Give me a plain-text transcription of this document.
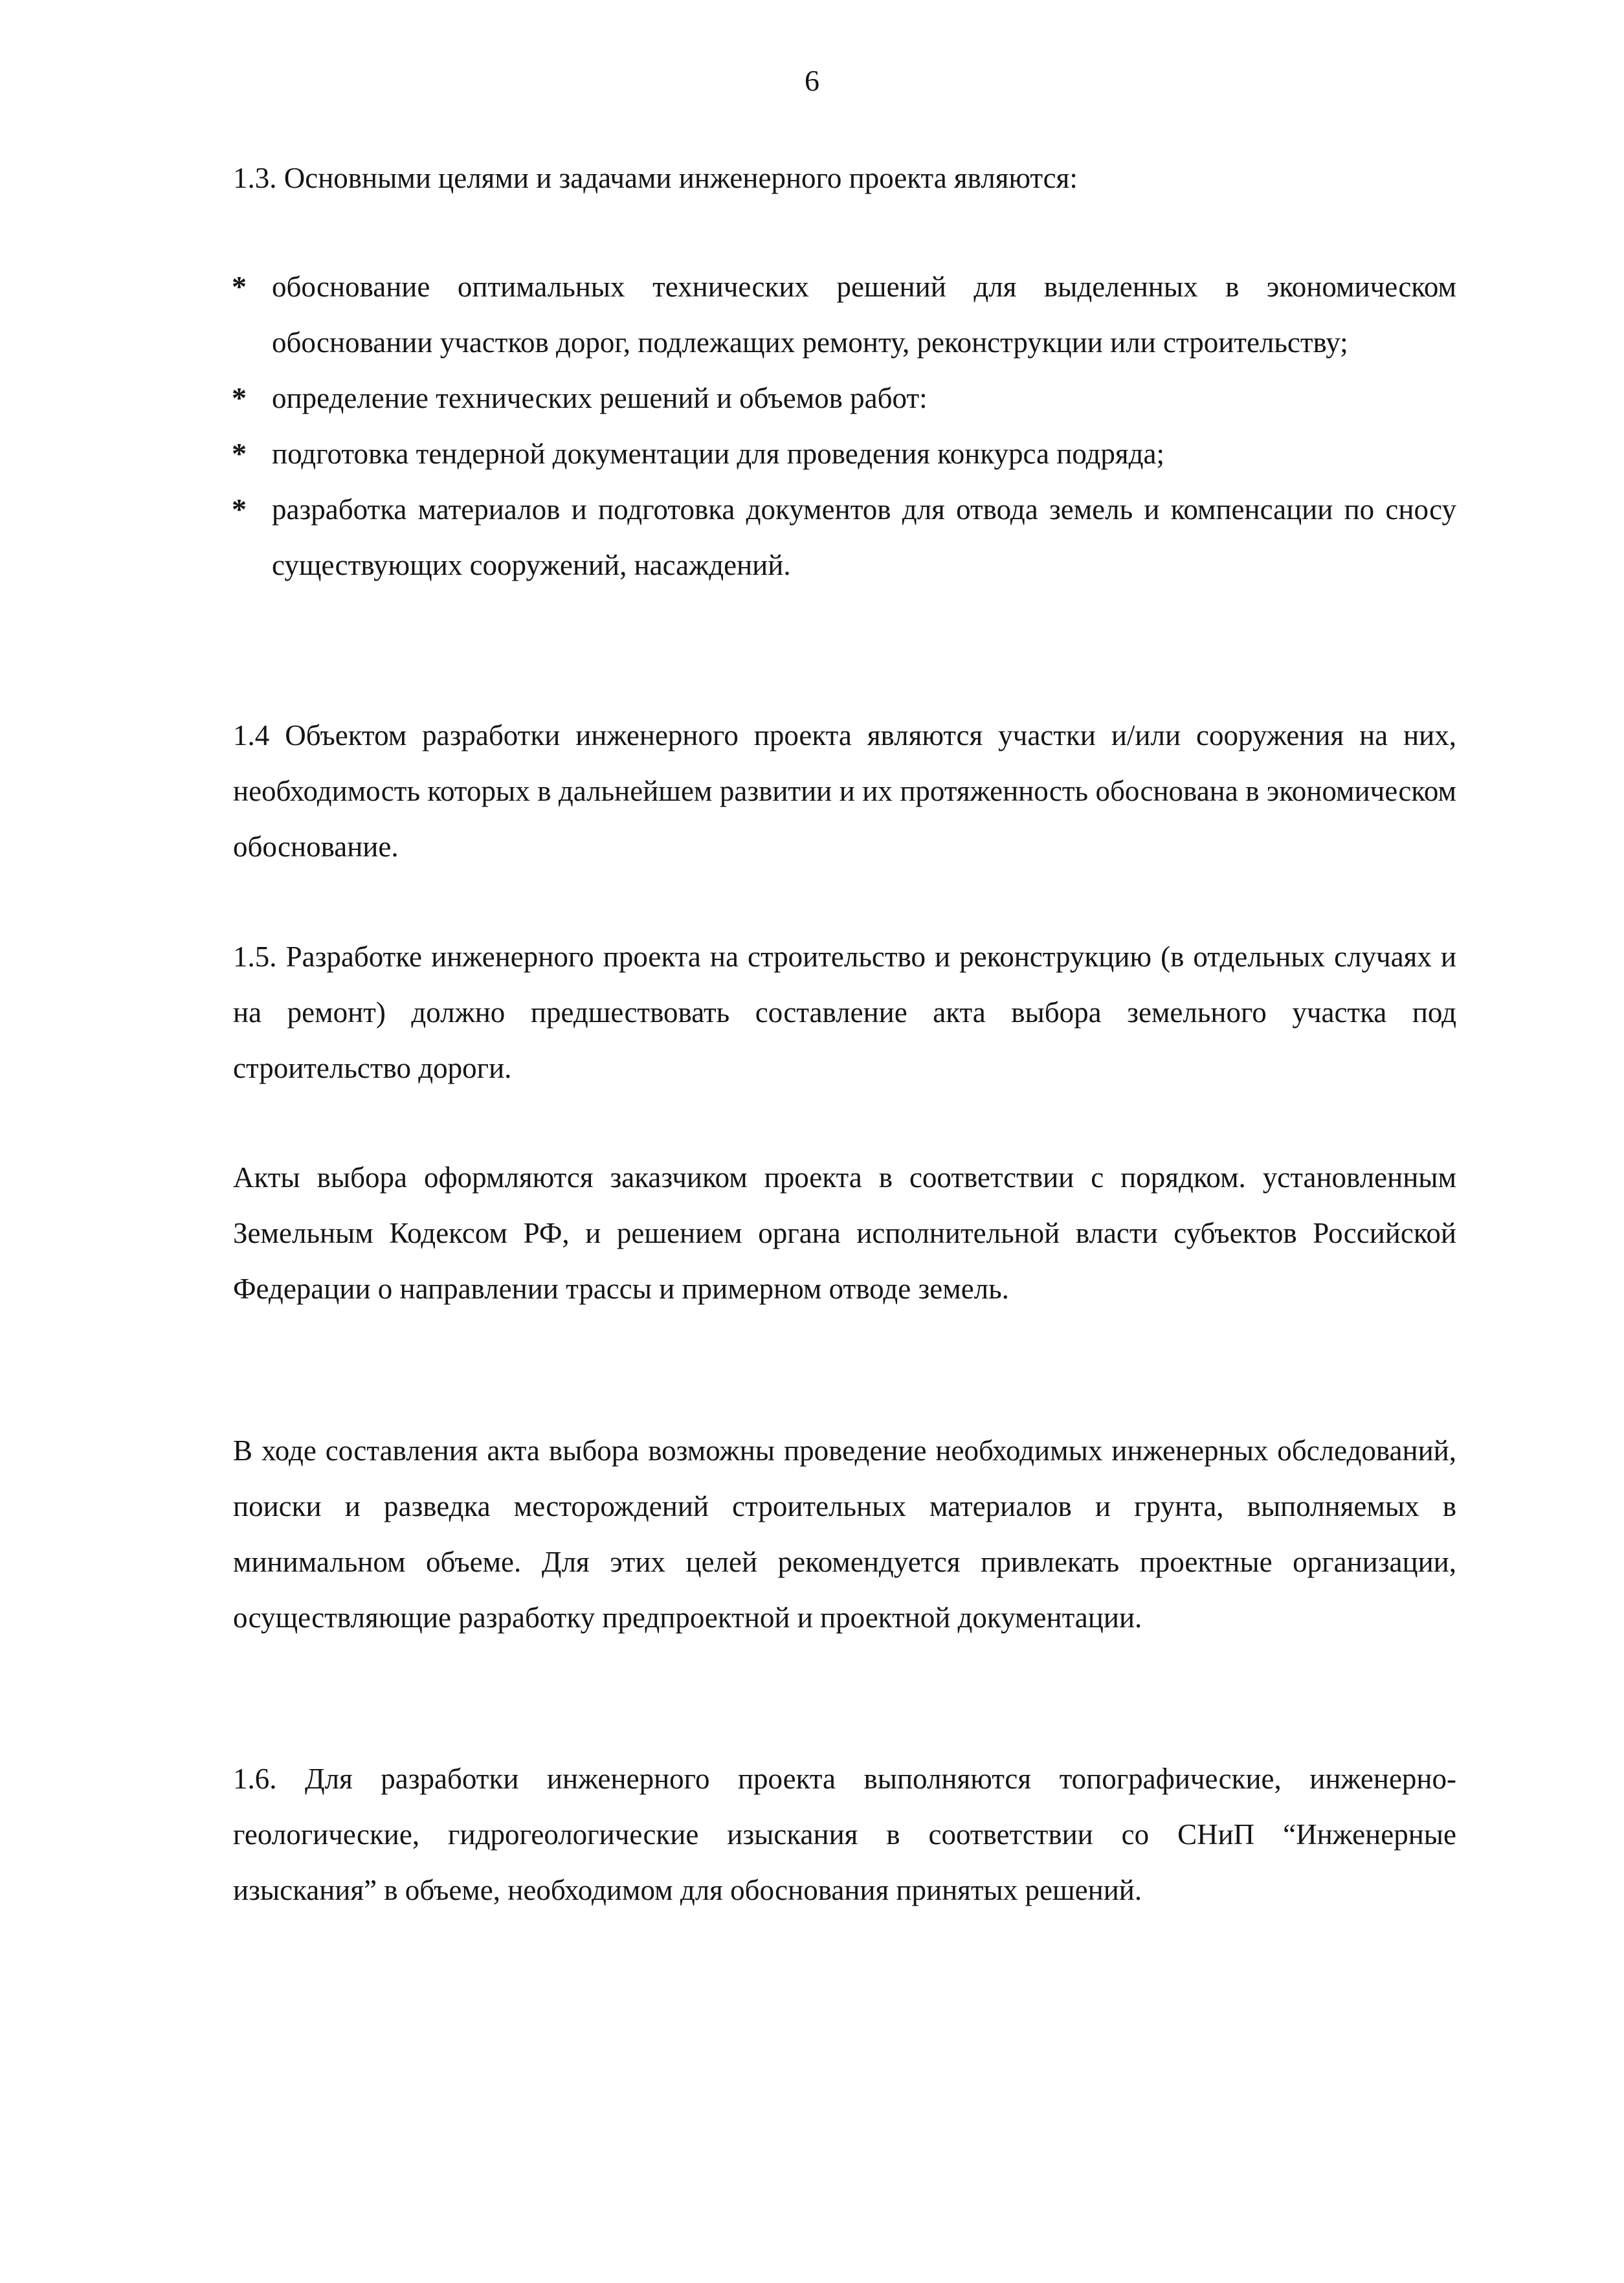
6
1.3. Основными целями и задачами инженерного проекта являются:
* обоснование оптимальных технических решений для выделенных в экономическом обосновании участков дорог, подлежащих ремонту, реконструкции или строительству;
* определение технических решений и объемов работ:
* подготовка тендерной документации для проведения конкурса подряда;
* разработка материалов и подготовка документов для отвода земель и компенсации по сносу существующих сооружений, насаждений.

1.4 Объектом разработки инженерного проекта являются участки и/или сооружения на них, необходимость которых в дальнейшем развитии и их протяженность обоснована в экономическом обоснование.

1.5. Разработке инженерного проекта на строительство и реконструкцию (в отдельных случаях и на ремонт) должно предшествовать составление акта выбора земельного участка под строительство дороги.

Акты выбора оформляются заказчиком проекта в соответствии с порядком. установленным Земельным Кодексом РФ, и решением органа исполнительной власти субъектов Российской Федерации о направлении трассы и примерном отводе земель.

В ходе составления акта выбора возможны проведение необходимых инженерных обследований, поиски и разведка месторождений строительных материалов и грунта, выполняемых в минимальном объеме. Для этих целей рекомендуется привлекать проектные организации, осуществляющие разработку предпроектной и проектной документации.

1.6. Для разработки инженерного проекта выполняются топографические, инженерно-геологические, гидрогеологические изыскания в соответствии со СНиП “Инженерные изыскания” в объеме, необходимом для обоснования принятых решений.
